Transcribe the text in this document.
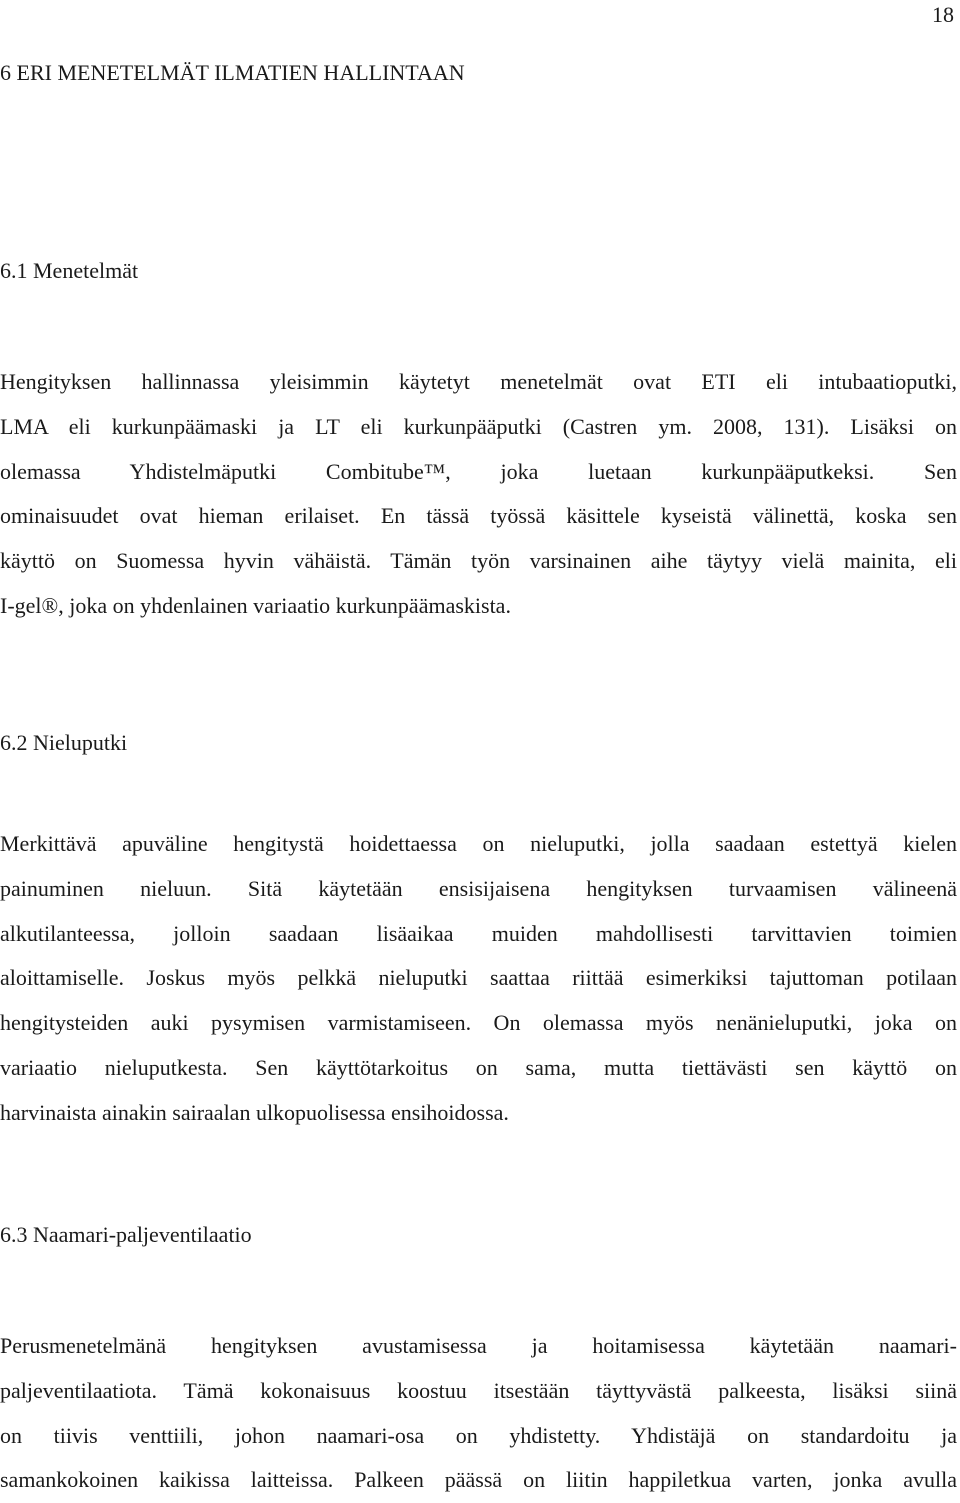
18
6 ERI MENETELMÄT ILMATIEN HALLINTAAN
6.1 Menetelmät
Hengityksen hallinnassa yleisimmin käytetyt menetelmät ovat ETI eli intubaatioputki,
LMA eli kurkunpäämaski ja LT eli kurkunpääputki (Castren ym. 2008, 131). Lisäksi on
olemassa Yhdistelmäputki Combitube™, joka luetaan kurkunpääputkeksi. Sen
ominaisuudet ovat hieman erilaiset. En tässä työssä käsittele kyseistä välinettä, koska sen
käyttö on Suomessa hyvin vähäistä. Tämän työn varsinainen aihe täytyy vielä mainita, eli
I-gel®, joka on yhdenlainen variaatio kurkunpäämaskista.
6.2 Nieluputki
Merkittävä apuväline hengitystä hoidettaessa on nieluputki, jolla saadaan estettyä kielen
painuminen nieluun. Sitä käytetään ensisijaisena hengityksen turvaamisen välineenä
alkutilanteessa, jolloin saadaan lisäaikaa muiden mahdollisesti tarvittavien toimien
aloittamiselle. Joskus myös pelkkä nieluputki saattaa riittää esimerkiksi tajuttoman potilaan
hengitysteiden auki pysymisen varmistamiseen. On olemassa myös nenänieluputki, joka on
variaatio nieluputkesta. Sen käyttötarkoitus on sama, mutta tiettävästi sen käyttö on
harvinaista ainakin sairaalan ulkopuolisessa ensihoidossa.
6.3 Naamari-paljeventilaatio
Perusmenetelmänä hengityksen avustamisessa ja hoitamisessa käytetään naamari-
paljeventilaatiota. Tämä kokonaisuus koostuu itsestään täyttyvästä palkeesta, lisäksi siinä
on tiivis venttiili, johon naamari-osa on yhdistetty. Yhdistäjä on standardoitu ja
samankokoinen kaikissa laitteissa. Palkeen päässä on liitin happiletkua varten, jonka avulla
